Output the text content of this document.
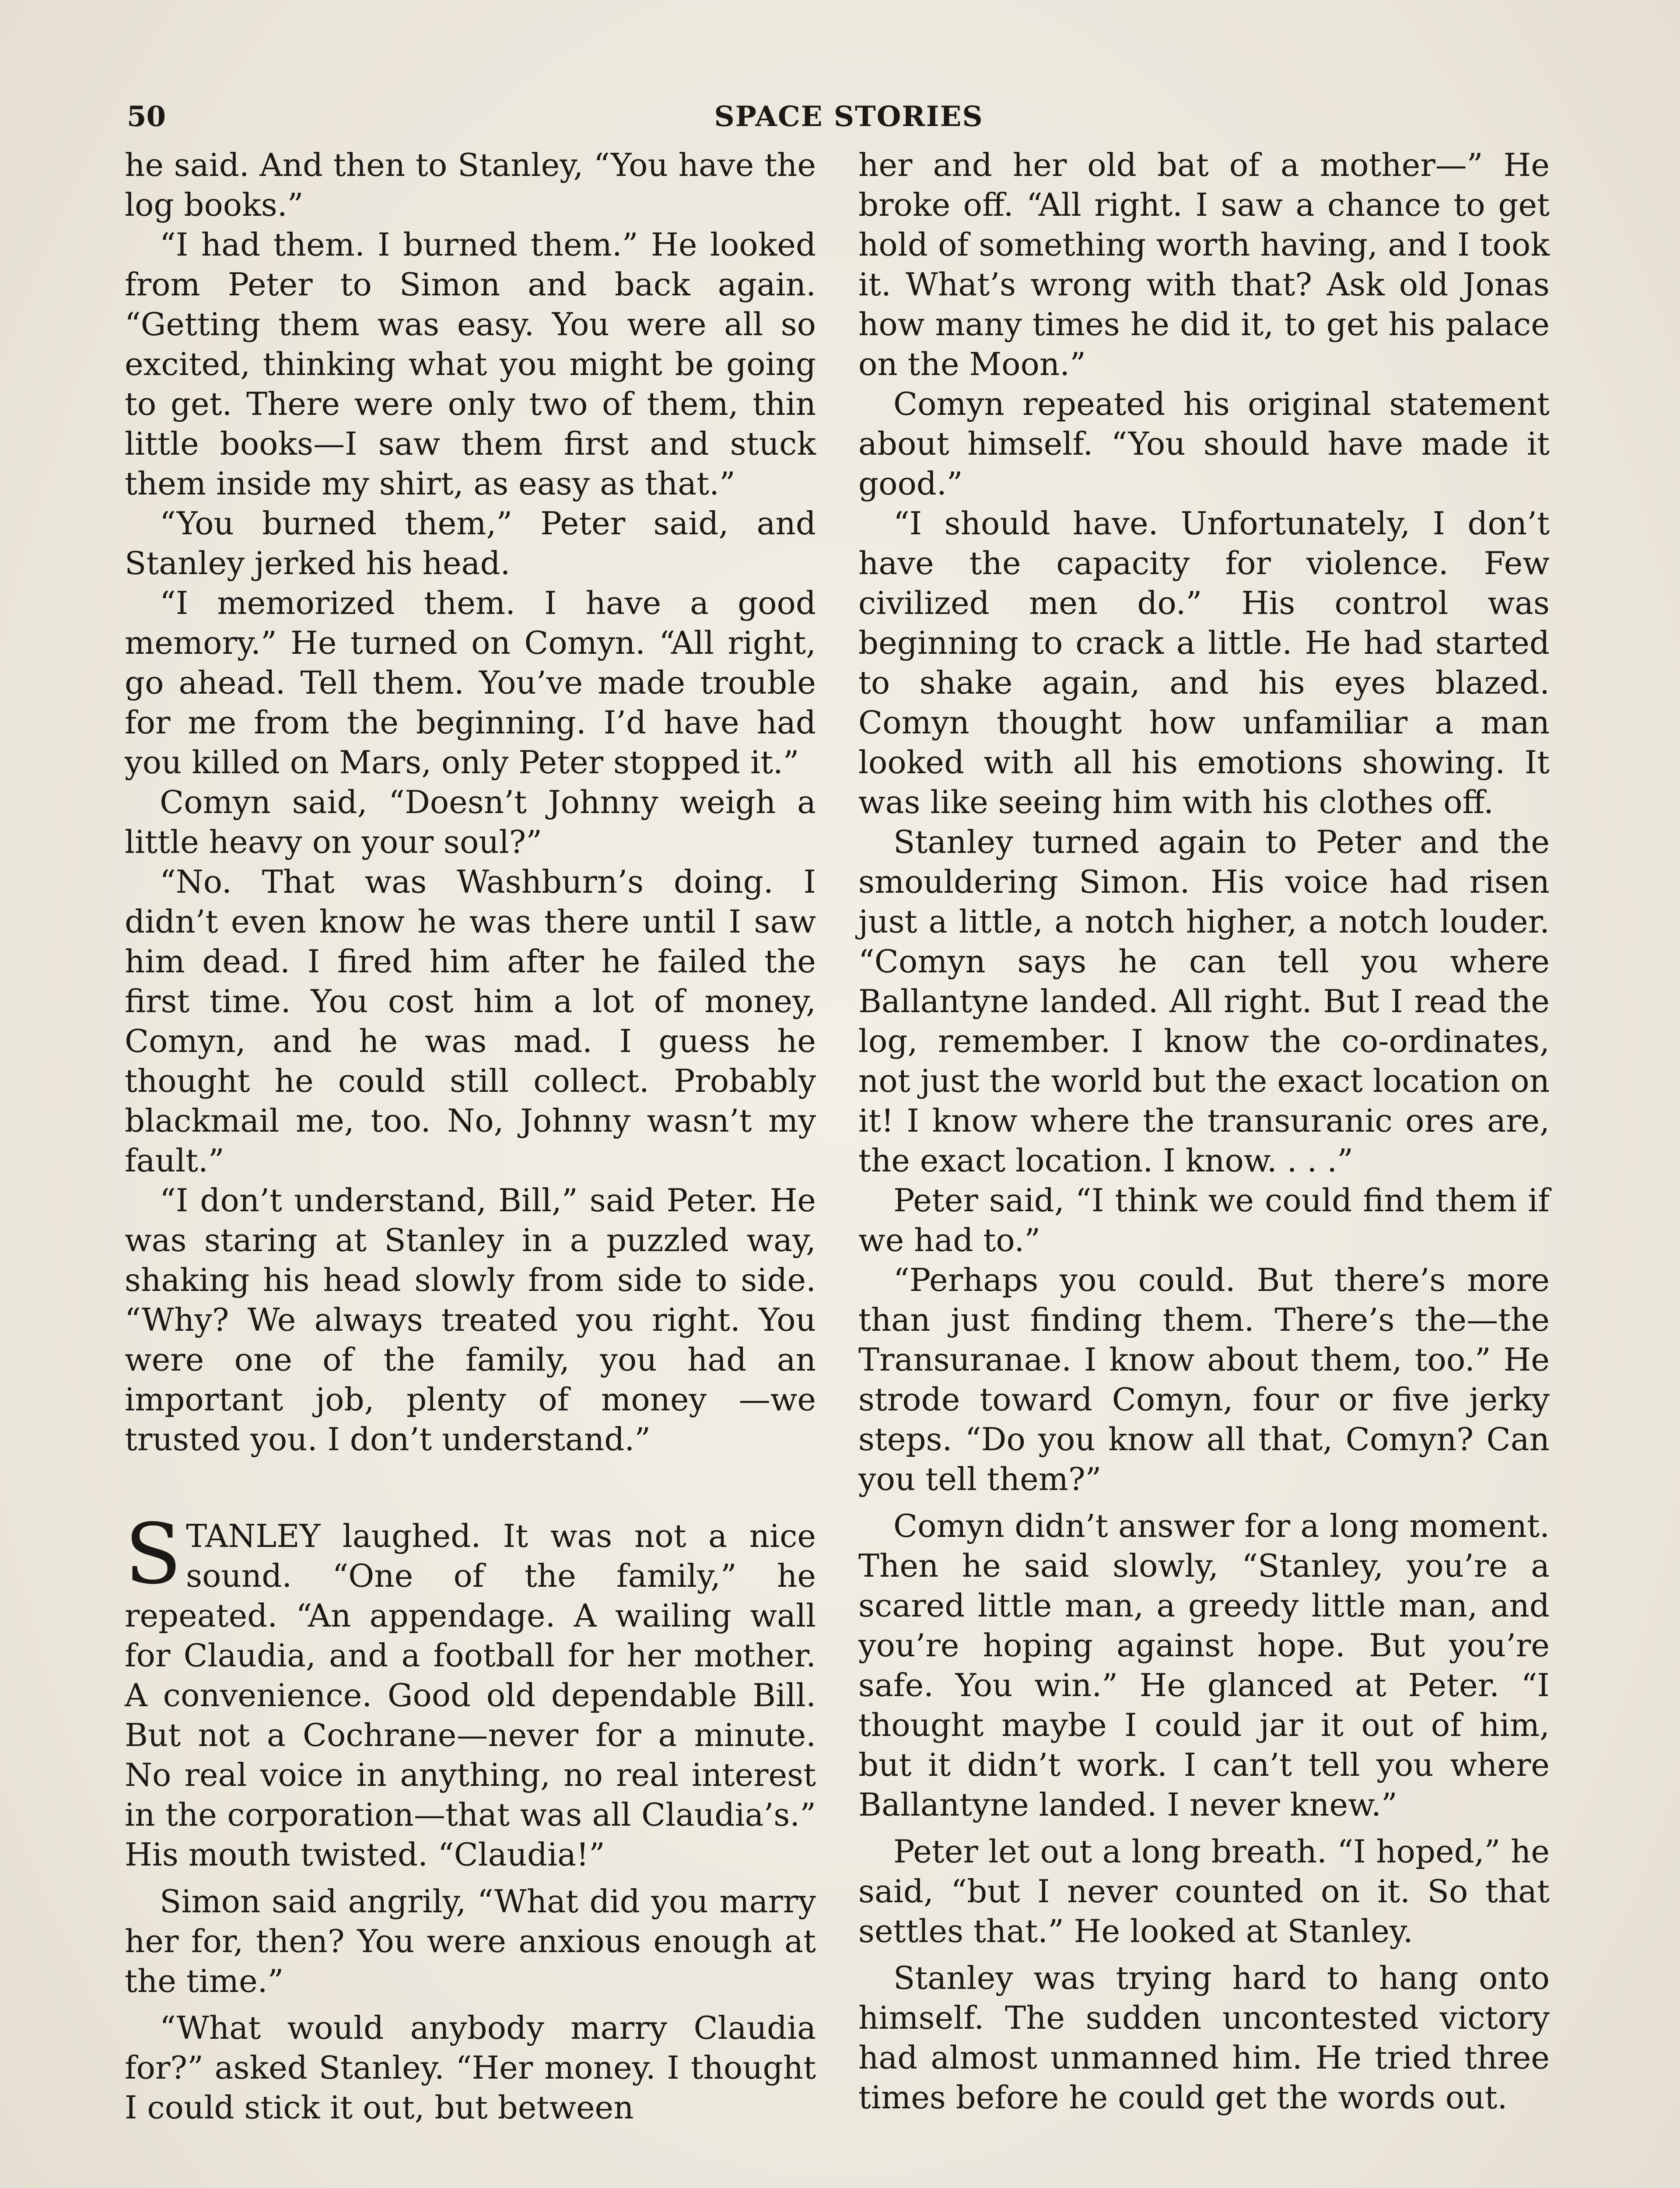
50	SPACE STORIES

he said. And then to Stanley, “You have the log books.”

“I had them. I burned them.” He looked from Peter to Simon and back again. “Getting them was easy. You were all so excited, thinking what you might be going to get. There were only two of them, thin little books—I saw them first and stuck them inside my shirt, as easy as that.”

“You burned them,” Peter said, and Stanley jerked his head.

“I memorized them. I have a good memory.” He turned on Comyn. “All right, go ahead. Tell them. You’ve made trouble for me from the beginning. I’d have had you killed on Mars, only Peter stopped it.”

Comyn said, “Doesn’t Johnny weigh a little heavy on your soul?”

“No. That was Washburn’s doing. I didn’t even know he was there until I saw him dead. I fired him after he failed the first time. You cost him a lot of money, Comyn, and he was mad. I guess he thought he could still collect. Probably blackmail me, too. No, Johnny wasn’t my fault.”

“I don’t understand, Bill,” said Peter. He was staring at Stanley in a puzzled way, shaking his head slowly from side to side. “Why? We always treated you right. You were one of the family, you had an important job, plenty of money —we trusted you. I don’t understand.”

STANLEY laughed. It was not a nice sound. “One of the family,” he repeated. “An appendage. A wailing wall for Claudia, and a football for her mother. A convenience. Good old dependable Bill. But not a Cochrane—never for a minute. No real voice in anything, no real interest in the corporation—that was all Claudia’s.” His mouth twisted. “Claudia!”

Simon said angrily, “What did you marry her for, then? You were anxious enough at the time.”

“What would anybody marry Claudia for?” asked Stanley. “Her money. I thought I could stick it out, but between

her and her old bat of a mother—” He broke off. “All right. I saw a chance to get hold of something worth having, and I took it. What’s wrong with that? Ask old Jonas how many times he did it, to get his palace on the Moon.”

Comyn repeated his original statement about himself. “You should have made it good.”

“I should have. Unfortunately, I don’t have the capacity for violence. Few civilized men do.” His control was beginning to crack a little. He had started to shake again, and his eyes blazed. Comyn thought how unfamiliar a man looked with all his emotions showing. It was like seeing him with his clothes off.

Stanley turned again to Peter and the smouldering Simon. His voice had risen just a little, a notch higher, a notch louder. “Comyn says he can tell you where Ballantyne landed. All right. But I read the log, remember. I know the co-ordinates, not just the world but the exact location on it! I know where the transuranic ores are, the exact location. I know. . . .”

Peter said, “I think we could find them if we had to.”

“Perhaps you could. But there’s more than just finding them. There’s the—the Transuranae. I know about them, too.” He strode toward Comyn, four or five jerky steps. “Do you know all that, Comyn? Can you tell them?”

Comyn didn’t answer for a long moment. Then he said slowly, “Stanley, you’re a scared little man, a greedy little man, and you’re hoping against hope. But you’re safe. You win.” He glanced at Peter. “I thought maybe I could jar it out of him, but it didn’t work. I can’t tell you where Ballantyne landed. I never knew.”

Peter let out a long breath. “I hoped,” he said, “but I never counted on it. So that settles that.” He looked at Stanley.

Stanley was trying hard to hang onto himself. The sudden uncontested victory had almost unmanned him. He tried three times before he could get the words out.
